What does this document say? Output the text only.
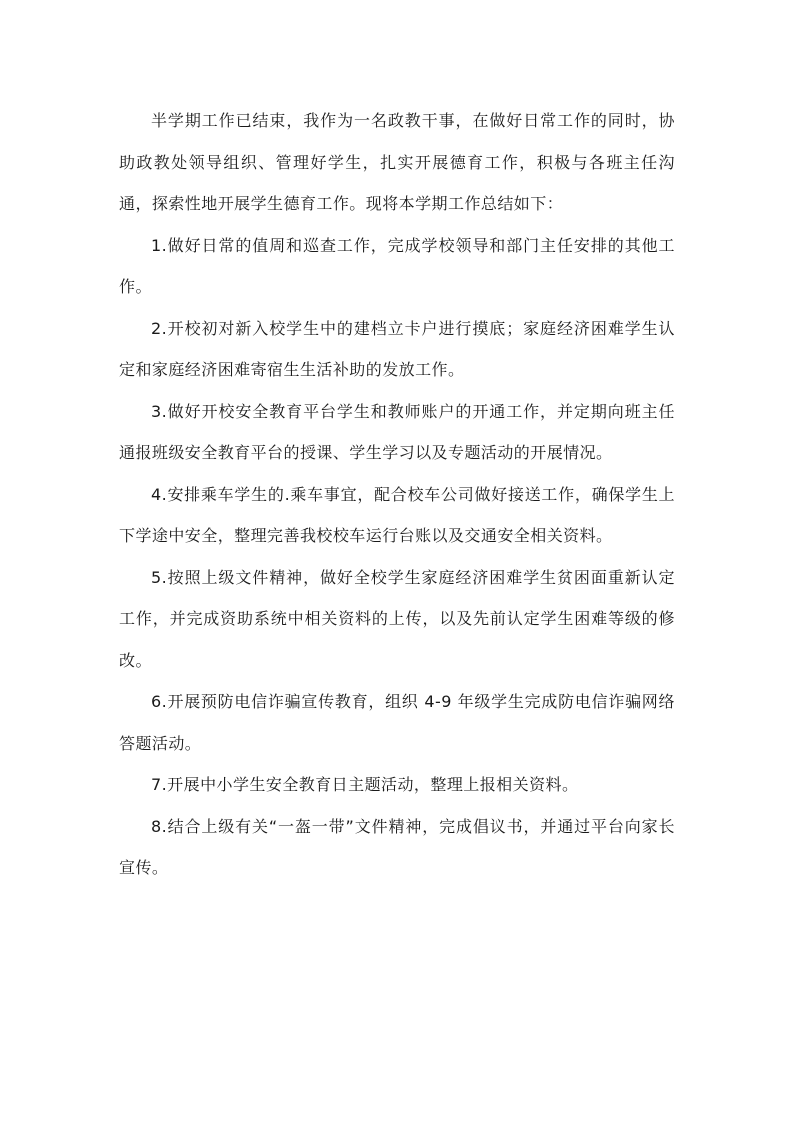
半学期工作已结束，我作为一名政教干事，在做好日常工作的同时，协助政教处领导组织、管理好学生，扎实开展德育工作，积极与各班主任沟通，探索性地开展学生德育工作。现将本学期工作总结如下：

1.做好日常的值周和巡查工作，完成学校领导和部门主任安排的其他工作。

2.开校初对新入校学生中的建档立卡户进行摸底；家庭经济困难学生认定和家庭经济困难寄宿生生活补助的发放工作。

3.做好开校安全教育平台学生和教师账户的开通工作，并定期向班主任通报班级安全教育平台的授课、学生学习以及专题活动的开展情况。

4.安排乘车学生的.乘车事宜，配合校车公司做好接送工作，确保学生上下学途中安全，整理完善我校校车运行台账以及交通安全相关资料。

5.按照上级文件精神，做好全校学生家庭经济困难学生贫困面重新认定工作，并完成资助系统中相关资料的上传，以及先前认定学生困难等级的修改。

6.开展预防电信诈骗宣传教育，组织 4-9 年级学生完成防电信诈骗网络答题活动。

7.开展中小学生安全教育日主题活动，整理上报相关资料。

8.结合上级有关“一盔一带”文件精神，完成倡议书，并通过平台向家长宣传。
